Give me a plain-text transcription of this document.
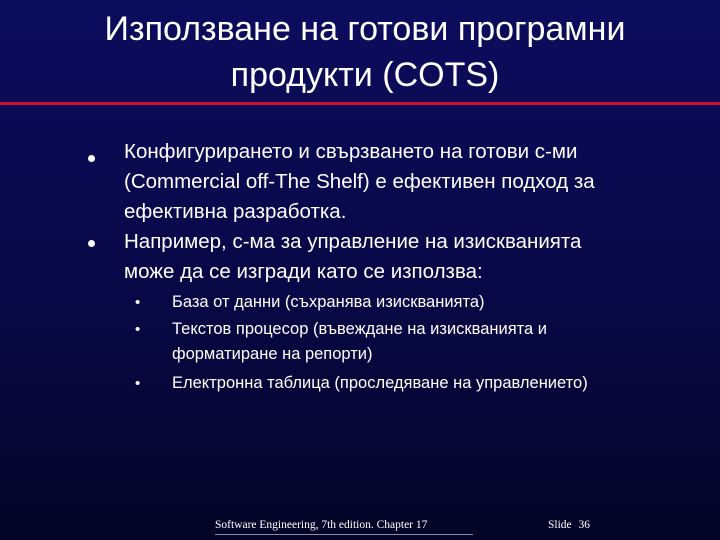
Използване на готови програмни
продукти (COTS)
Конфигурирането и свързването на готови с-ми
(Commercial off-The Shelf) е ефективен подход за
ефективна разработка.
Например, с-ма за управление на изискванията
може да се изгради като се използва:
• База от данни (съхранява изискванията)
• Текстов процесор (въвеждане на изискванията и
форматиране на репорти)
• Електронна таблица (проследяване на управлението)
Software Engineering, 7th edition. Chapter 17	Slide 36
